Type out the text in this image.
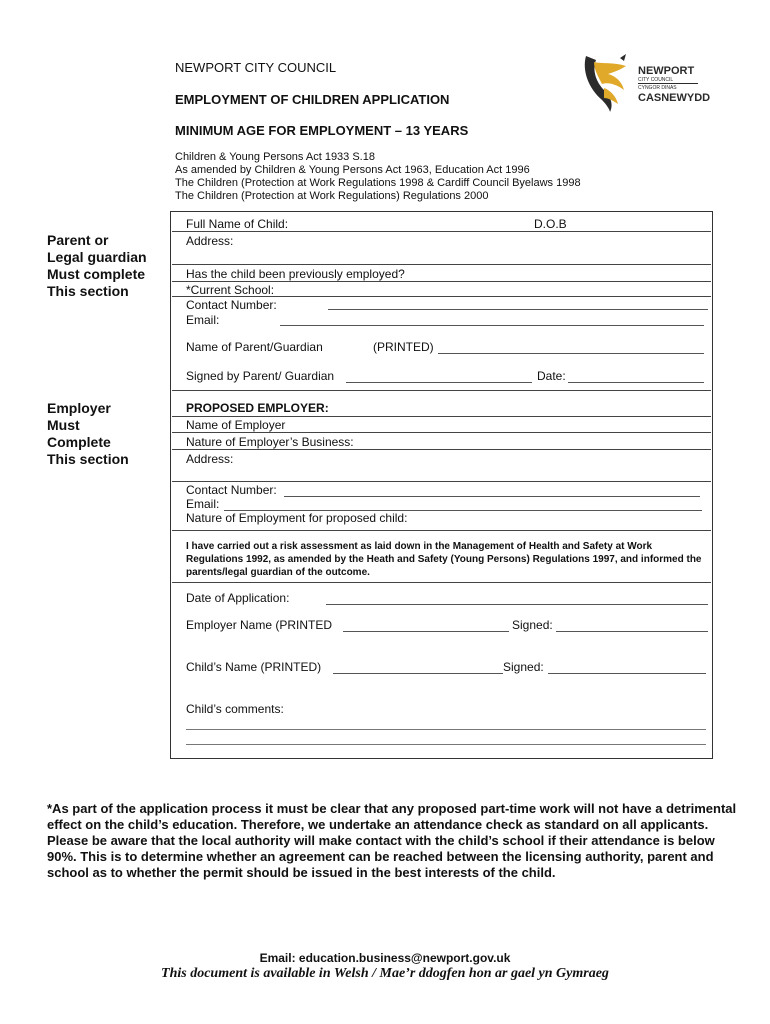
NEWPORT CITY COUNCIL
EMPLOYMENT OF CHILDREN APPLICATION
MINIMUM AGE FOR EMPLOYMENT – 13 YEARS
Children & Young Persons Act 1933 S.18
As amended by Children & Young Persons Act 1963, Education Act 1996
The Children (Protection at Work Regulations 1998 & Cardiff Council Byelaws 1998
The Children (Protection at Work Regulations) Regulations 2000
NEWPORT
CITY COUNCIL
CYNGOR DINAS
CASNEWYDD
Parent or
Legal guardian
Must complete
This section
Employer
Must
Complete
This section
Full Name of Child:	D.O.B
Address:
Has the child been previously employed?
*Current School:
Contact Number:
Email:
Name of Parent/Guardian	(PRINTED)
Signed by Parent/ Guardian	Date:
PROPOSED EMPLOYER:
Name of Employer
Nature of Employer’s Business:
Address:
Contact Number:
Email:
Nature of Employment for proposed child:
I have carried out a risk assessment as laid down in the Management of Health and Safety at Work Regulations 1992, as amended by the Heath and Safety (Young Persons) Regulations 1997, and informed the parents/legal guardian of the outcome.
Date of Application:
Employer Name (PRINTED	Signed:
Child’s Name (PRINTED)	Signed:
Child’s comments:
*As part of the application process it must be clear that any proposed part-time work will not have a detrimental effect on the child’s education. Therefore, we undertake an attendance check as standard on all applicants. Please be aware that the local authority will make contact with the child’s school if their attendance is below 90%. This is to determine whether an agreement can be reached between the licensing authority, parent and school as to whether the permit should be issued in the best interests of the child.
Email: education.business@newport.gov.uk
This document is available in Welsh / Mae’r ddogfen hon ar gael yn Gymraeg
